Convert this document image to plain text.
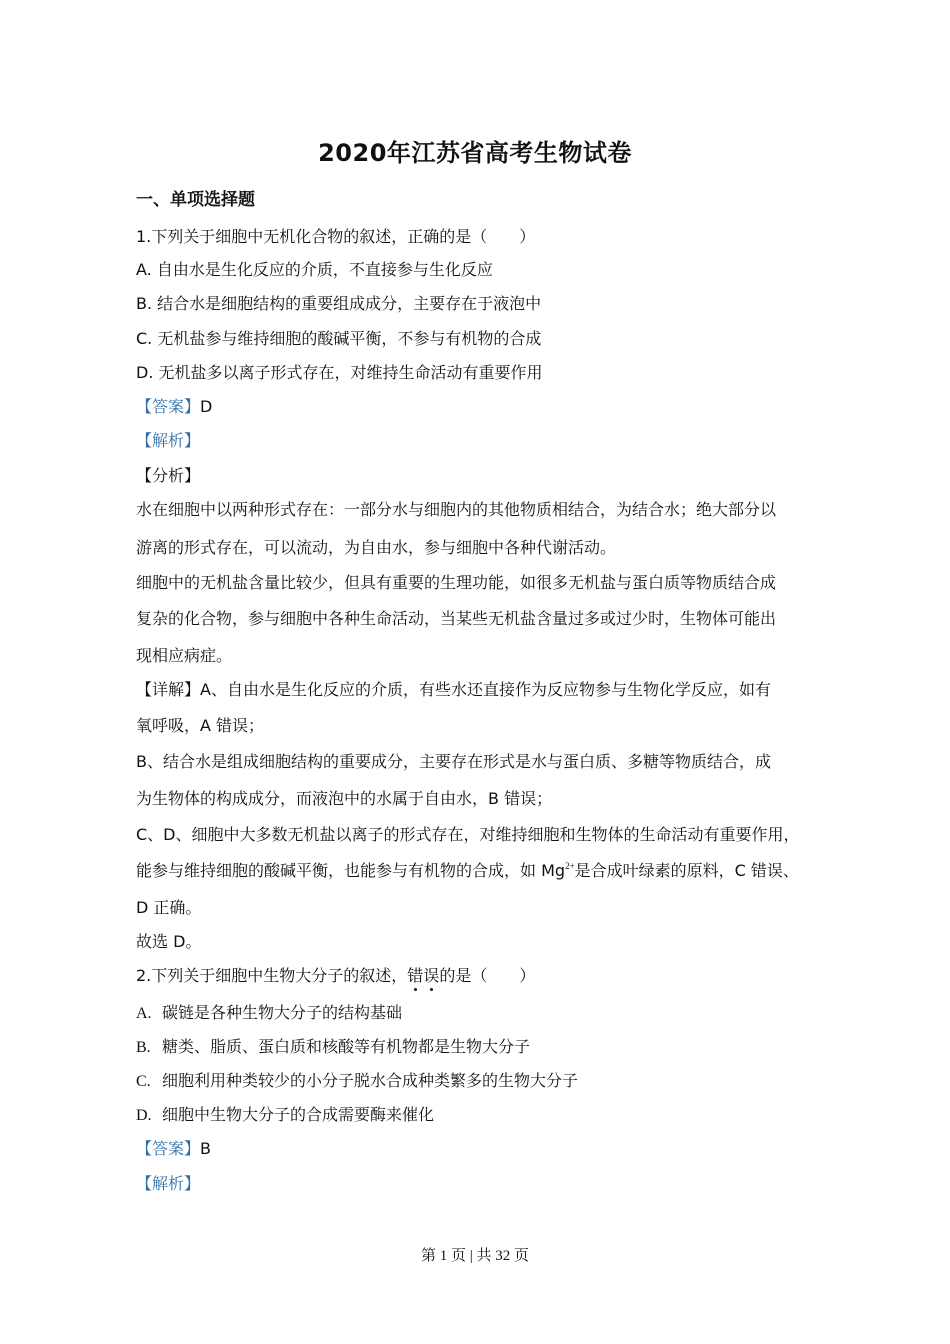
2020年江苏省高考生物试卷
一、单项选择题
1.下列关于细胞中无机化合物的叙述，正确的是（　　）
A. 自由水是生化反应的介质，不直接参与生化反应
B. 结合水是细胞结构的重要组成成分，主要存在于液泡中
C. 无机盐参与维持细胞的酸碱平衡，不参与有机物的合成
D. 无机盐多以离子形式存在，对维持生命活动有重要作用
【答案】D
【解析】
【分析】
水在细胞中以两种形式存在：一部分水与细胞内的其他物质相结合，为结合水；绝大部分以
游离的形式存在，可以流动，为自由水，参与细胞中各种代谢活动。
细胞中的无机盐含量比较少，但具有重要的生理功能，如很多无机盐与蛋白质等物质结合成
复杂的化合物，参与细胞中各种生命活动，当某些无机盐含量过多或过少时，生物体可能出
现相应病症。
【详解】A、自由水是生化反应的介质，有些水还直接作为反应物参与生物化学反应，如有
氧呼吸，A 错误；
B、结合水是组成细胞结构的重要成分，主要存在形式是水与蛋白质、多糖等物质结合，成
为生物体的构成成分，而液泡中的水属于自由水，B 错误；
C、D、细胞中大多数无机盐以离子的形式存在，对维持细胞和生物体的生命活动有重要作用，
能参与维持细胞的酸碱平衡，也能参与有机物的合成，如 $Mg^{2+}$是合成叶绿素的原料，C 错误、
D 正确。
故选 D。
2.下列关于细胞中生物大分子的叙述，错
误
的是（　　）
A. 碳链是各种生物大分子的结构基础
B. 糖类、脂质、蛋白质和核酸等有机物都是生物大分子
C. 细胞利用种类较少的小分子脱水合成种类繁多的生物大分子
D. 细胞中生物大分子的合成需要酶来催化
【答案】B
【解析】
第 1 页 | 共 32 页
